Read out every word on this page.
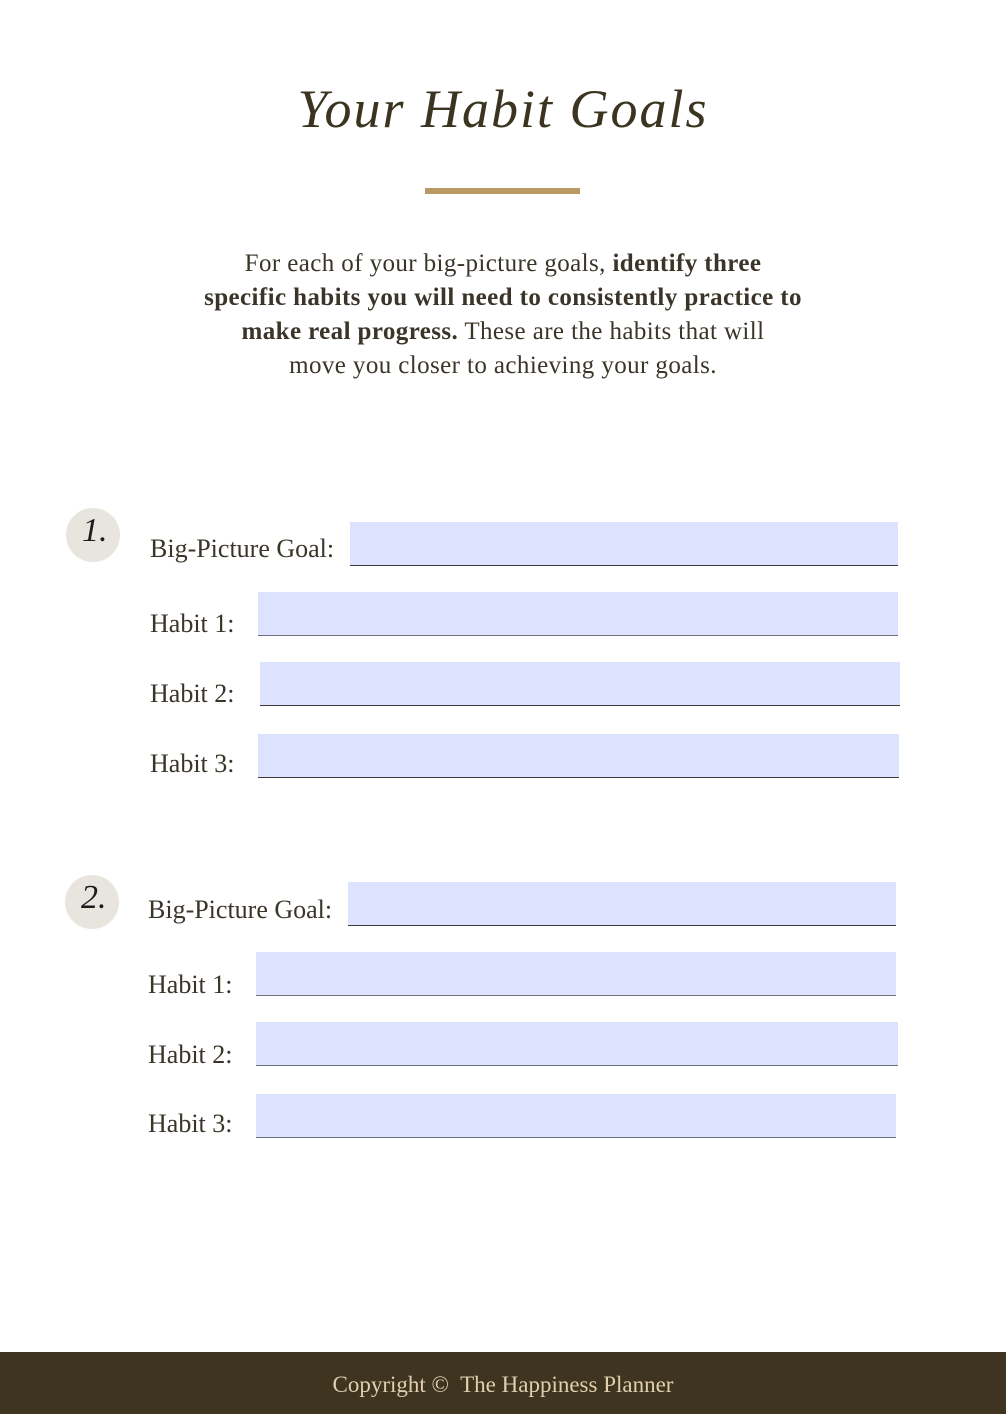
Your Habit Goals
For each of your big-picture goals, identify three
specific habits you will need to consistently practice to
make real progress. These are the habits that will
move you closer to achieving your goals.
1. Big-Picture Goal:
Habit 1:
Habit 2:
Habit 3:
2. Big-Picture Goal:
Habit 1:
Habit 2:
Habit 3:
Copyright ©  The Happiness Planner
